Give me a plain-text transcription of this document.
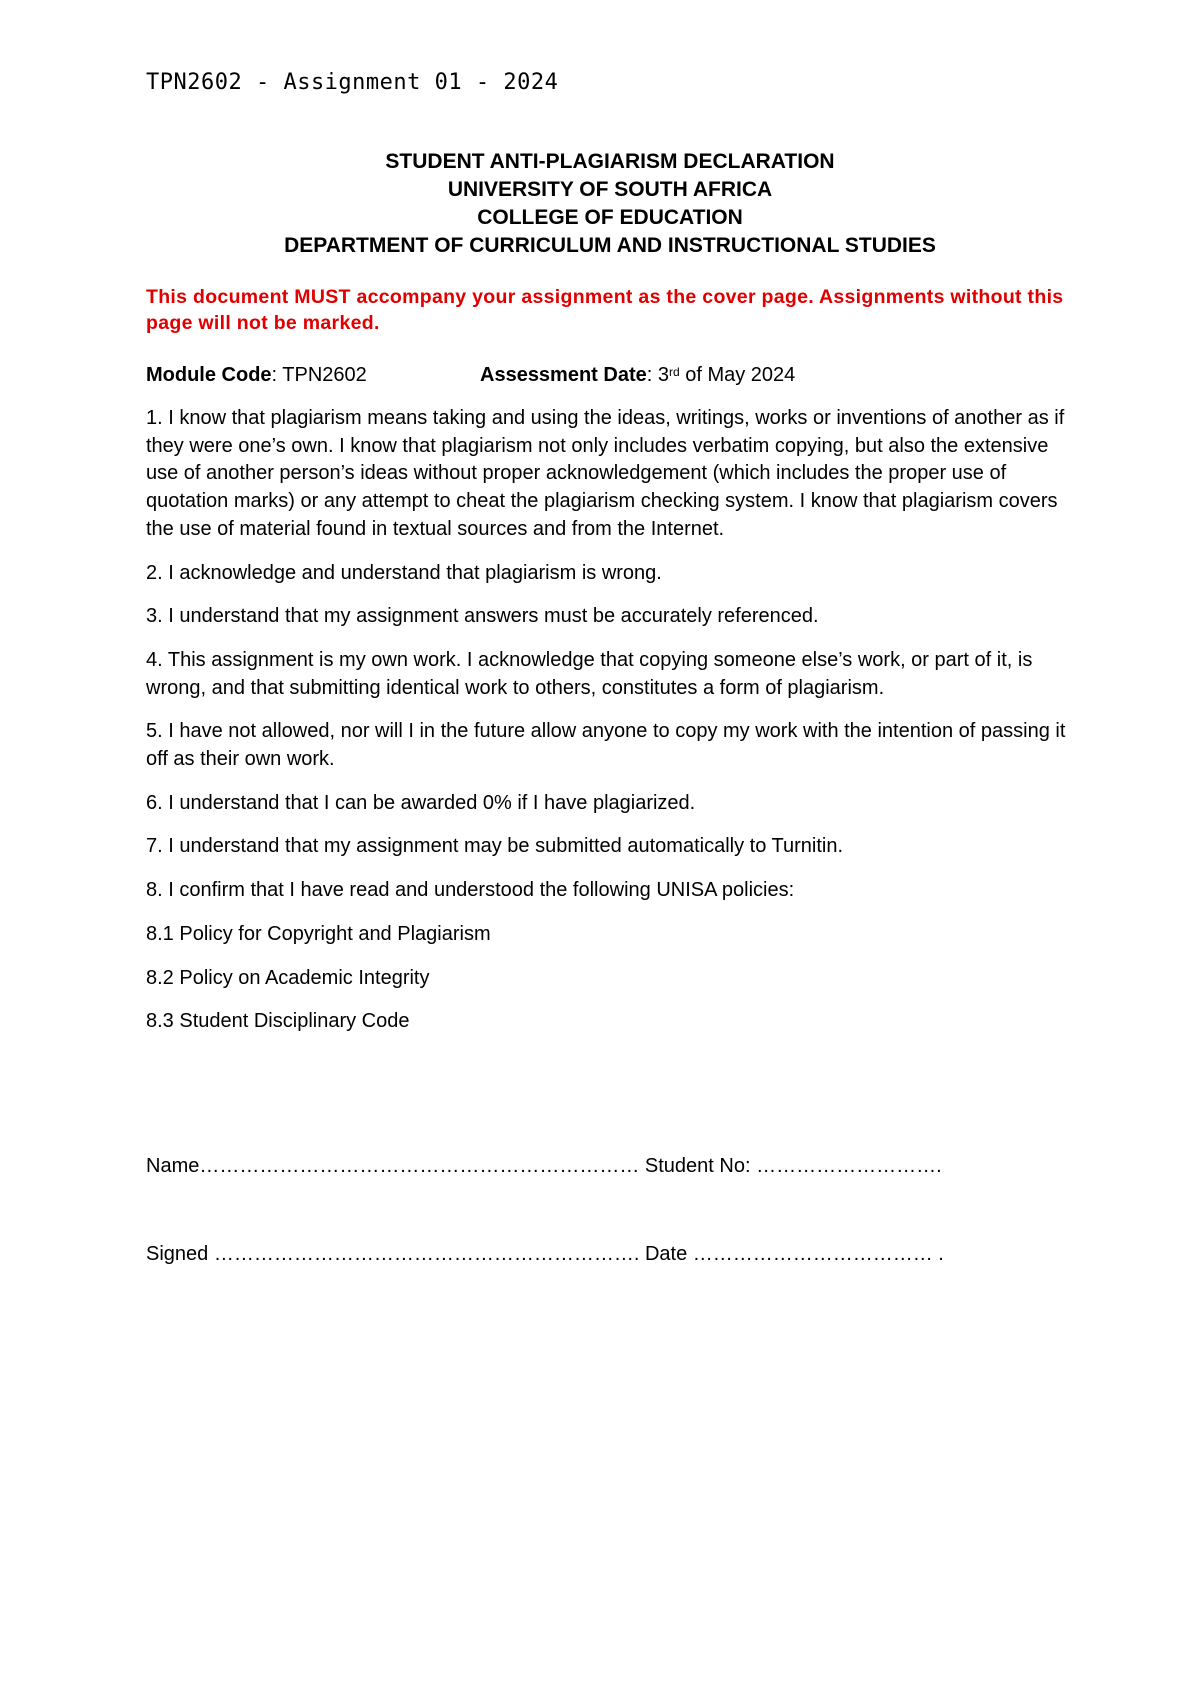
TPN2602 - Assignment 01 - 2024
STUDENT ANTI-PLAGIARISM DECLARATION
UNIVERSITY OF SOUTH AFRICA
COLLEGE OF EDUCATION
DEPARTMENT OF CURRICULUM AND INSTRUCTIONAL STUDIES
This document MUST accompany your assignment as the cover page. Assignments without this page will not be marked.
Module Code: TPN2602	Assessment Date: 3rd of May 2024

1. I know that plagiarism means taking and using the ideas, writings, works or inventions of another as if they were one’s own. I know that plagiarism not only includes verbatim copying, but also the extensive use of another person’s ideas without proper acknowledgement (which includes the proper use of quotation marks) or any attempt to cheat the plagiarism checking system. I know that plagiarism covers the use of material found in textual sources and from the Internet.

2. I acknowledge and understand that plagiarism is wrong.

3. I understand that my assignment answers must be accurately referenced.

4. This assignment is my own work. I acknowledge that copying someone else’s work, or part of it, is wrong, and that submitting identical work to others, constitutes a form of plagiarism.

5. I have not allowed, nor will I in the future allow anyone to copy my work with the intention of passing it off as their own work.

6. I understand that I can be awarded 0% if I have plagiarized.

7. I understand that my assignment may be submitted automatically to Turnitin.

8. I confirm that I have read and understood the following UNISA policies:

8.1 Policy for Copyright and Plagiarism

8.2 Policy on Academic Integrity

8.3 Student Disciplinary Code

Name………………………………………………………… Student No: ……………………….
Signed ………………………………………………………. Date ……………………………… .
